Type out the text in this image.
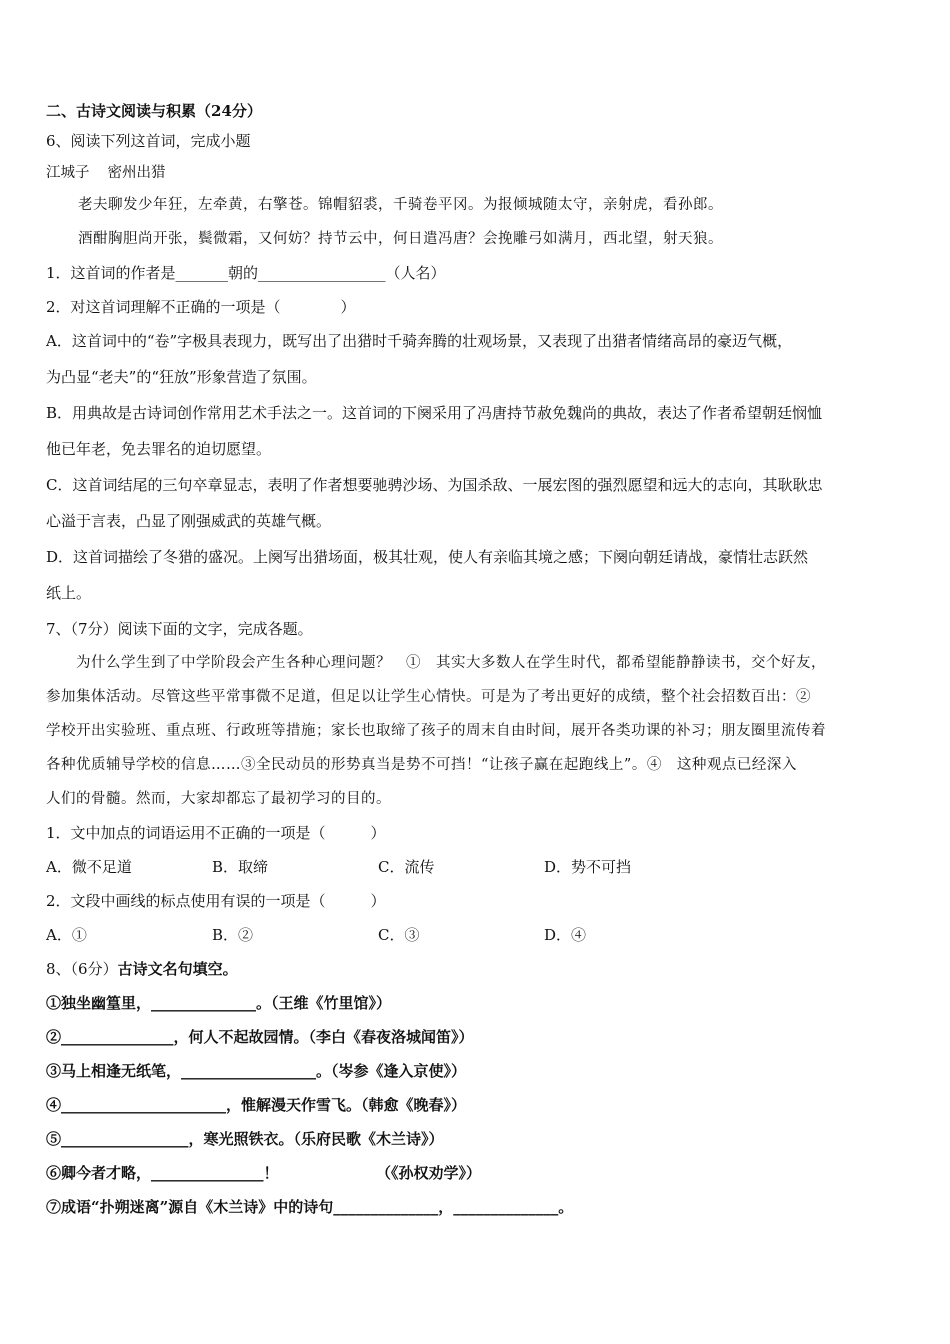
二、古诗文阅读与积累（24分）
6、阅读下列这首词，完成小题
江城子 密州出猎
老夫聊发少年狂，左牵黄，右擎苍。锦帽貂裘，千骑卷平冈。为报倾城随太守，亲射虎，看孙郎。
酒酣胸胆尚开张，鬓微霜，又何妨？持节云中，何日遣冯唐？会挽雕弓如满月，西北望，射天狼。
1．这首词的作者是_______朝的_________________（人名）
2．对这首词理解不正确的一项是（　　　　）
A．这首词中的“卷”字极具表现力，既写出了出猎时千骑奔腾的壮观场景，又表现了出猎者情绪高昂的豪迈气概，
为凸显“老夫”的“狂放”形象营造了氛围。
B．用典故是古诗词创作常用艺术手法之一。这首词的下阕采用了冯唐持节赦免魏尚的典故，表达了作者希望朝廷悯恤
他已年老，免去罪名的迫切愿望。
C．这首词结尾的三句卒章显志，表明了作者想要驰骋沙场、为国杀敌、一展宏图的强烈愿望和远大的志向，其耿耿忠
心溢于言表，凸显了刚强威武的英雄气概。
D．这首词描绘了冬猎的盛况。上阕写出猎场面，极其壮观，使人有亲临其境之感；下阕向朝廷请战，豪情壮志跃然
纸上。
7、（7分）阅读下面的文字，完成各题。
为什么学生到了中学阶段会产生各种心理问题？　①　其实大多数人在学生时代，都希望能静静读书，交个好友，
参加集体活动。尽管这些平常事微不足道，但足以让学生心情快。可是为了考出更好的成绩，整个社会招数百出：②
学校开出实验班、重点班、行政班等措施；家长也取缔了孩子的周末自由时间，展开各类功课的补习；朋友圈里流传着
各种优质辅导学校的信息……③全民动员的形势真当是势不可挡！“让孩子赢在起跑线上”。④　这种观点已经深入
人们的骨髓。然而，大家却都忘了最初学习的目的。
1．文中加点的词语运用不正确的一项是（　　　）
A．微不足道	B．取缔	C．流传	D．势不可挡
2．文段中画线的标点使用有误的一项是（　　　）
A．①	B．②	C．③	D．④
8、（6分）古诗文名句填空。
①独坐幽篁里，______________。（王维《竹里馆》）
②_______________，何人不起故园情。（李白《春夜洛城闻笛》）
③马上相逢无纸笔，__________________。（岑参《逢入京使》）
④______________________，惟解漫天作雪飞。（韩愈《晚春》）
⑤_________________，寒光照铁衣。（乐府民歌《木兰诗》）
⑥卿今者才略，_______________！　　　　　　　（《孙权劝学》）
⑦成语“扑朔迷离”源自《木兰诗》中的诗句______________，______________。
